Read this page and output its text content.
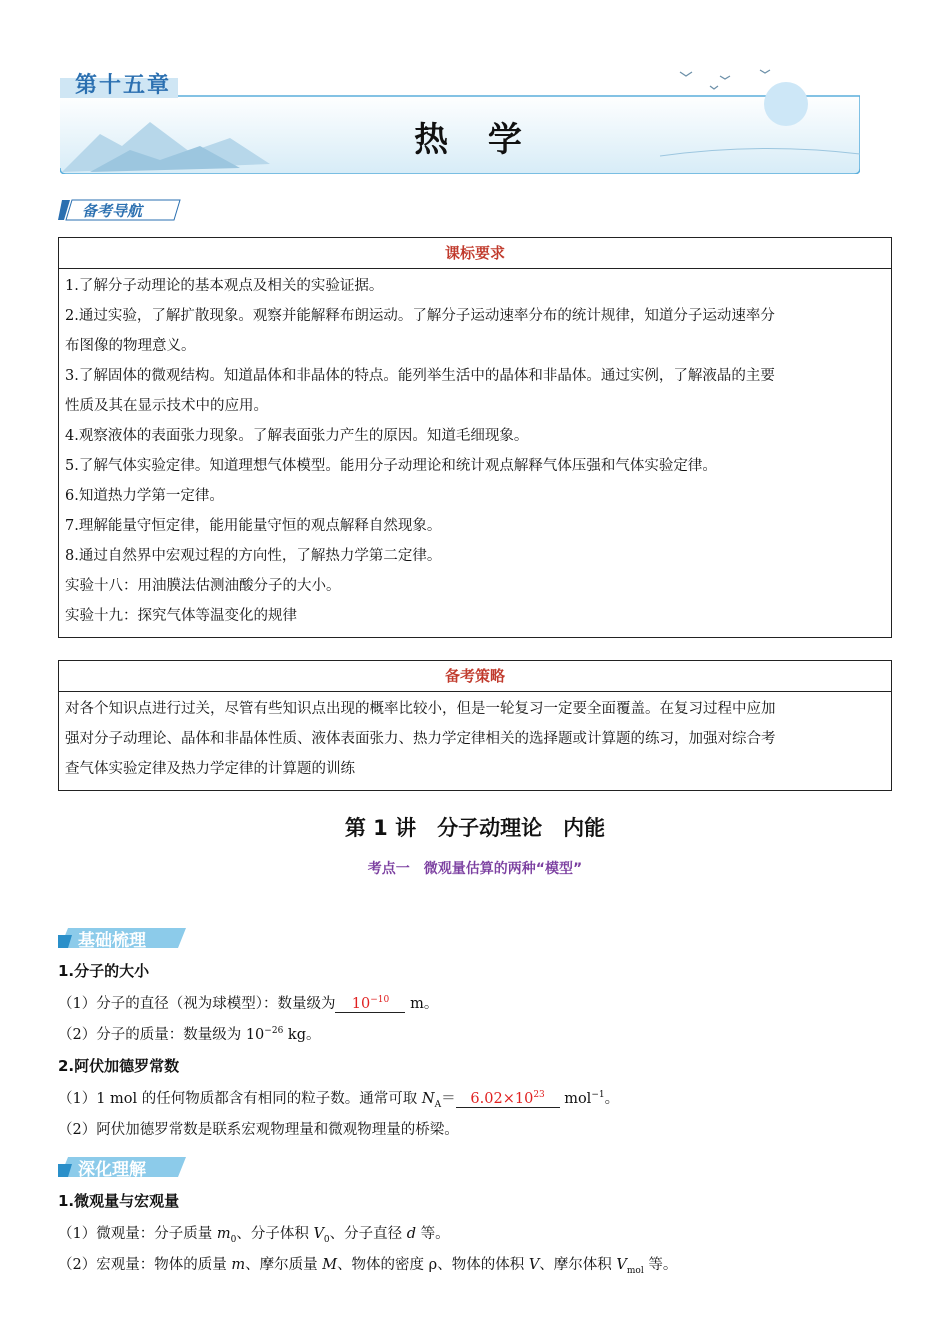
第十五章
热 学
备考导航
课标要求

1.了解分子动理论的基本观点及相关的实验证据。

2.通过实验，了解扩散现象。观察并能解释布朗运动。了解分子运动速率分布的统计规律，知道分子运动速率分

布图像的物理意义。

3.了解固体的微观结构。知道晶体和非晶体的特点。能列举生活中的晶体和非晶体。通过实例，了解液晶的主要

性质及其在显示技术中的应用。

4.观察液体的表面张力现象。了解表面张力产生的原因。知道毛细现象。

5.了解气体实验定律。知道理想气体模型。能用分子动理论和统计观点解释气体压强和气体实验定律。

6.知道热力学第一定律。

7.理解能量守恒定律，能用能量守恒的观点解释自然现象。

8.通过自然界中宏观过程的方向性，了解热力学第二定律。

实验十八：用油膜法估测油酸分子的大小。

实验十九：探究气体等温变化的规律

备考策略

对各个知识点进行过关，尽管有些知识点出现的概率比较小，但是一轮复习一定要全面覆盖。在复习过程中应加

强对分子动理论、晶体和非晶体性质、液体表面张力、热力学定律相关的选择题或计算题的练习，加强对综合考

查气体实验定律及热力学定律的计算题的训练

第 1 讲　分子动理论　内能
考点一　微观量估算的两种“模型”
基础梳理
1.分子的大小
（1）分子的直径（视为球模型）：数量级为 $10^{-10}$ m。
（2）分子的质量：数量级为 $10^{-26}$ kg。
2.阿伏加德罗常数
（1）1 mol 的任何物质都含有相同的粒子数。通常可取 $N_A= 6.02\times 10^{23}$ mol$^{-1}$。
（2）阿伏加德罗常数是联系宏观物理量和微观物理量的桥梁。
深化理解
1.微观量与宏观量
（1）微观量：分子质量 $m_0$、分子体积 $V_0$、分子直径 d 等。
（2）宏观量：物体的质量 m、摩尔质量 M、物体的密度 ρ、物体的体积 V、摩尔体积 $V_{mol}$ 等。
